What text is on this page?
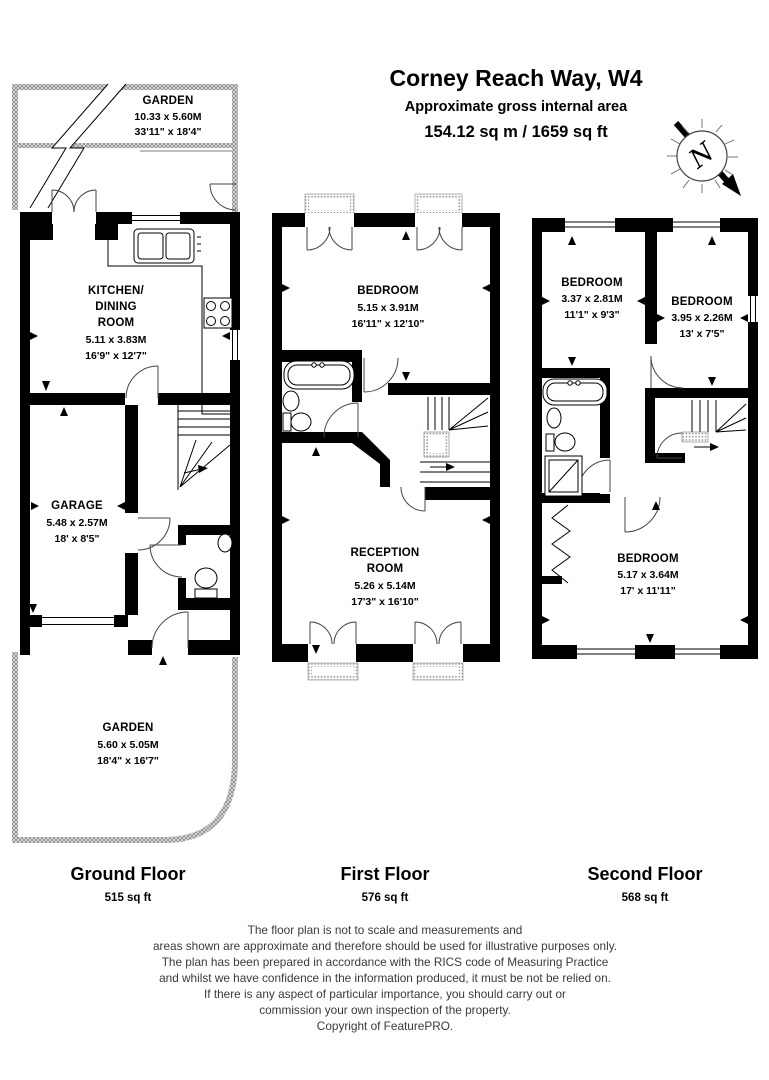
Corney Reach Way, W4
Approximate gross internal area
154.12 sq m / 1659 sq ft
N
GARDEN
10.33 x 5.60M
33'11" x 18'4"
KITCHEN/
DINING
ROOM
5.11 x 3.83M
16'9" x 12'7"
GARAGE
5.48 x 2.57M
18' x 8'5"
GARDEN
5.60 x 5.05M
18'4" x 16'7"
BEDROOM
5.15 x 3.91M
16'11" x 12'10"
RECEPTION
ROOM
5.26 x 5.14M
17'3" x 16'10"
BEDROOM
3.37 x 2.81M
11'1" x 9'3"
BEDROOM
3.95 x 2.26M
13' x 7'5"
BEDROOM
5.17 x 3.64M
17' x 11'11"
Ground Floor
515 sq ft
First Floor
576 sq ft
Second Floor
568 sq ft
The floor plan is not to scale and measurements and
areas shown are approximate and therefore should be used for illustrative purposes only.
The plan has been prepared in accordance with the RICS code of Measuring Practice
and whilst we have confidence in the information produced, it must be not be relied on.
If there is any aspect of particular importance, you should carry out or
commission your own inspection of the property.
Copyright of FeaturePRO.
